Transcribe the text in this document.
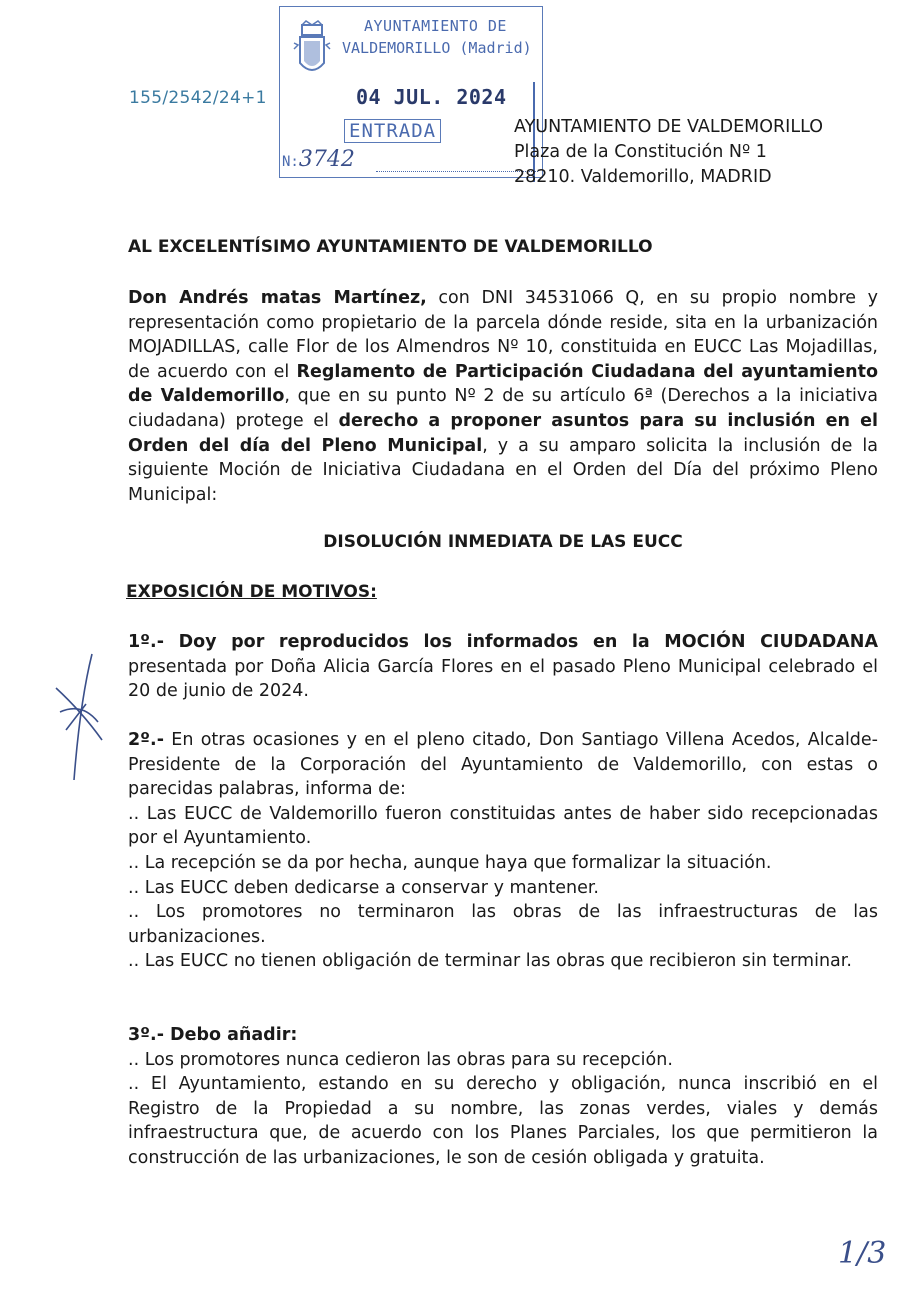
155/2542/24+1
AYUNTAMIENTO DE
VALDEMORILLO (Madrid)
04 JUL. 2024
ENTRADA
N:3742
AYUNTAMIENTO DE VALDEMORILLO
Plaza de la Constitución Nº 1
28210. Valdemorillo, MADRID
AL EXCELENTÍSIMO AYUNTAMIENTO DE VALDEMORILLO

Don Andrés matas Martínez, con DNI 34531066 Q, en su propio nombre y representación como propietario de la parcela dónde reside, sita en la urbanización MOJADILLAS, calle Flor de los Almendros Nº 10, constituida en EUCC Las Mojadillas, de acuerdo con el Reglamento de Participación Ciudadana del ayuntamiento de Valdemorillo, que en su punto Nº 2 de su artículo 6ª (Derechos a la iniciativa ciudadana) protege el derecho a proponer asuntos para su inclusión en el Orden del día del Pleno Municipal, y a su amparo solicita la inclusión de la siguiente Moción de Iniciativa Ciudadana en el Orden del Día del próximo Pleno Municipal:

DISOLUCIÓN INMEDIATA DE LAS EUCC
EXPOSICIÓN DE MOTIVOS:

1º.- Doy por reproducidos los informados en la MOCIÓN CIUDADANA presentada por Doña Alicia García Flores en el pasado Pleno Municipal celebrado el 20 de junio de 2024.

2º.- En otras ocasiones y en el pleno citado, Don Santiago Villena Acedos, Alcalde-Presidente de la Corporación del Ayuntamiento de Valdemorillo, con estas o parecidas palabras, informa de:

.. Las EUCC de Valdemorillo fueron constituidas antes de haber sido recepcionadas por el Ayuntamiento.

.. La recepción se da por hecha, aunque haya que formalizar la situación.

.. Las EUCC deben dedicarse a conservar y mantener.

.. Los promotores no terminaron las obras de las infraestructuras de las urbanizaciones.

.. Las EUCC no tienen obligación de terminar las obras que recibieron sin terminar.

3º.- Debo añadir:

.. Los promotores nunca cedieron las obras para su recepción.

.. El Ayuntamiento, estando en su derecho y obligación, nunca inscribió en el Registro de la Propiedad a su nombre, las zonas verdes, viales y demás infraestructura que, de acuerdo con los Planes Parciales, los que permitieron la construcción de las urbanizaciones, le son de cesión obligada y gratuita.

1/3
